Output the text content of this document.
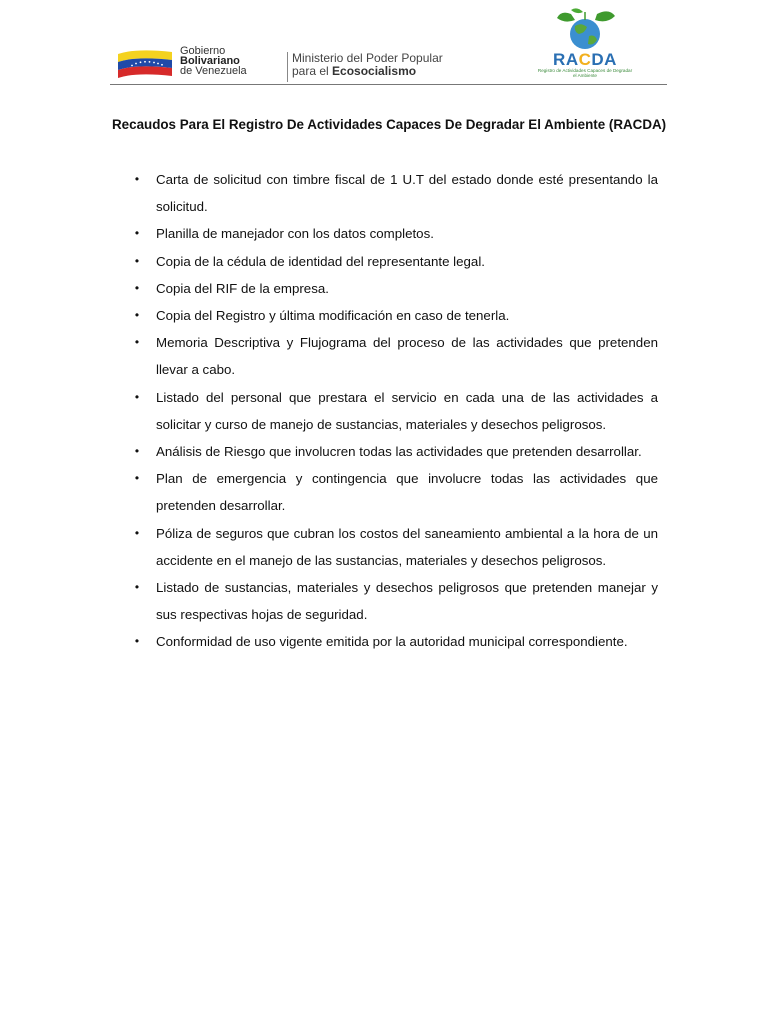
Gobierno
Bolivariano
de Venezuela
Ministerio del Poder Popular
para el Ecosocialismo
RACDA
Registro de Actividades Capaces de Degradar el Ambiente
Recaudos Para El Registro De Actividades Capaces De Degradar El Ambiente (RACDA)
• Carta de solicitud con timbre fiscal de 1 U.T del estado donde esté presentando la solicitud.
• Planilla de manejador con los datos completos.
• Copia de la cédula de identidad del representante legal.
• Copia del RIF de la empresa.
• Copia del Registro y última modificación en caso de tenerla.
• Memoria Descriptiva y Flujograma del proceso de las actividades que pretenden llevar a cabo.
• Listado del personal que prestara el servicio en cada una de las actividades a solicitar y curso de manejo de sustancias, materiales y desechos peligrosos.
• Análisis de Riesgo que involucren todas las actividades que pretenden desarrollar.
• Plan de emergencia y contingencia que involucre todas las actividades que pretenden desarrollar.
• Póliza de seguros que cubran los costos del saneamiento ambiental a la hora de un accidente en el manejo de las sustancias, materiales y desechos peligrosos.
• Listado de sustancias, materiales y desechos peligrosos que pretenden manejar y sus respectivas hojas de seguridad.
• Conformidad de uso vigente emitida por la autoridad municipal correspondiente.
